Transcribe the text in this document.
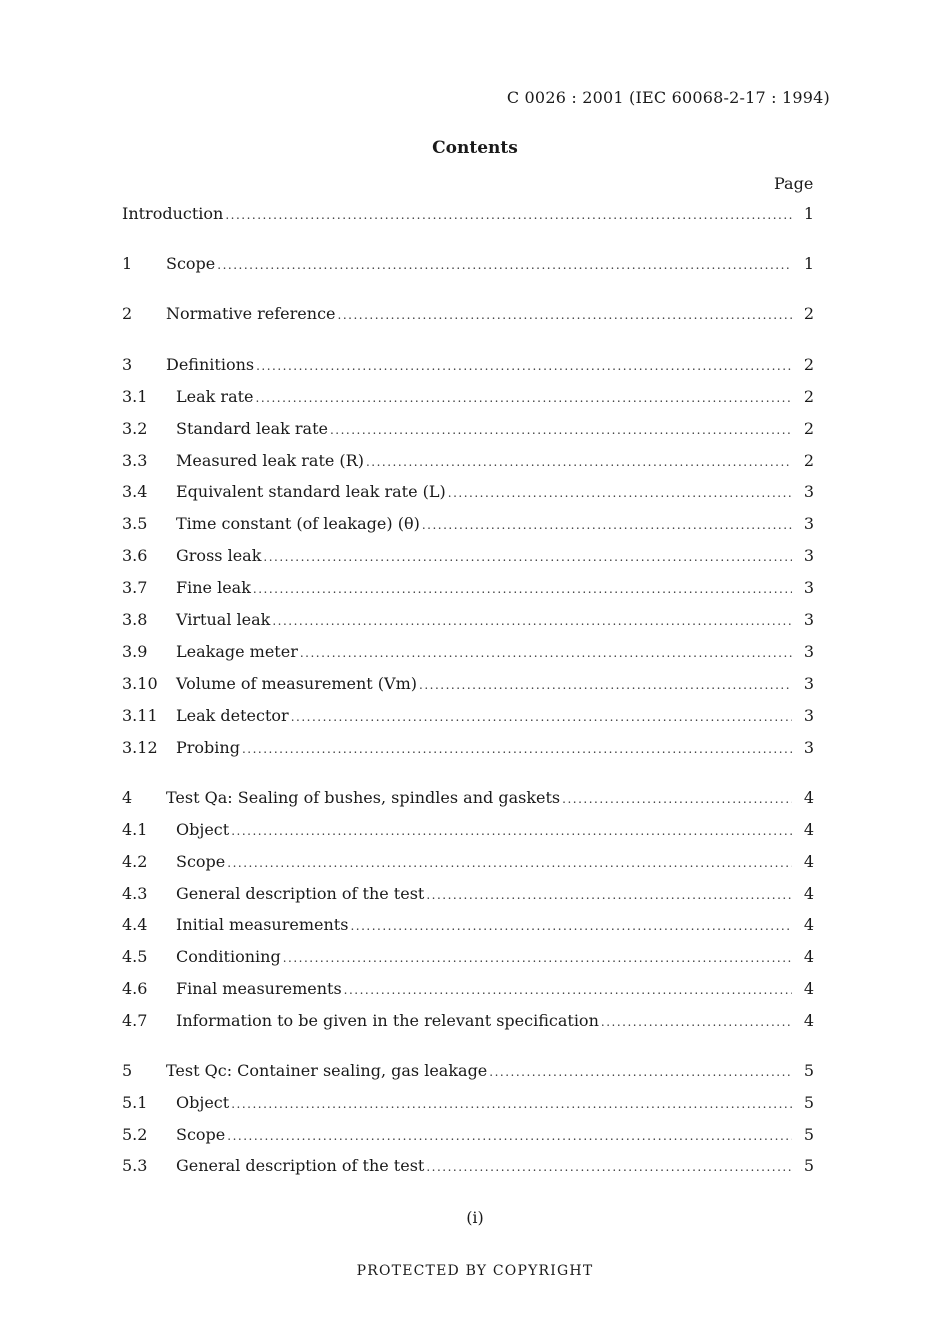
C 0026 : 2001 (IEC 60068-2-17 : 1994)
Contents
Page
Introduction .....	1
1	Scope .....	1
2	Normative reference .....	2
3	Definitions .....	2
3.1	Leak rate .....	2
3.2	Standard leak rate .....	2
3.3	Measured leak rate (R) .....	2
3.4	Equivalent standard leak rate (L) .....	3
3.5	Time constant (of leakage) (θ) .....	3
3.6	Gross leak .....	3
3.7	Fine leak .....	3
3.8	Virtual leak .....	3
3.9	Leakage meter .....	3
3.10	Volume of measurement (Vm) .....	3
3.11	Leak detector .....	3
3.12	Probing .....	3
4	Test Qa: Sealing of bushes, spindles and gaskets .....	4
4.1	Object .....	4
4.2	Scope .....	4
4.3	General description of the test .....	4
4.4	Initial measurements .....	4
4.5	Conditioning .....	4
4.6	Final measurements .....	4
4.7	Information to be given in the relevant specification .....	4
5	Test Qc: Container sealing, gas leakage .....	5
5.1	Object .....	5
5.2	Scope .....	5
5.3	General description of the test .....	5
(i)
PROTECTED BY COPYRIGHT
